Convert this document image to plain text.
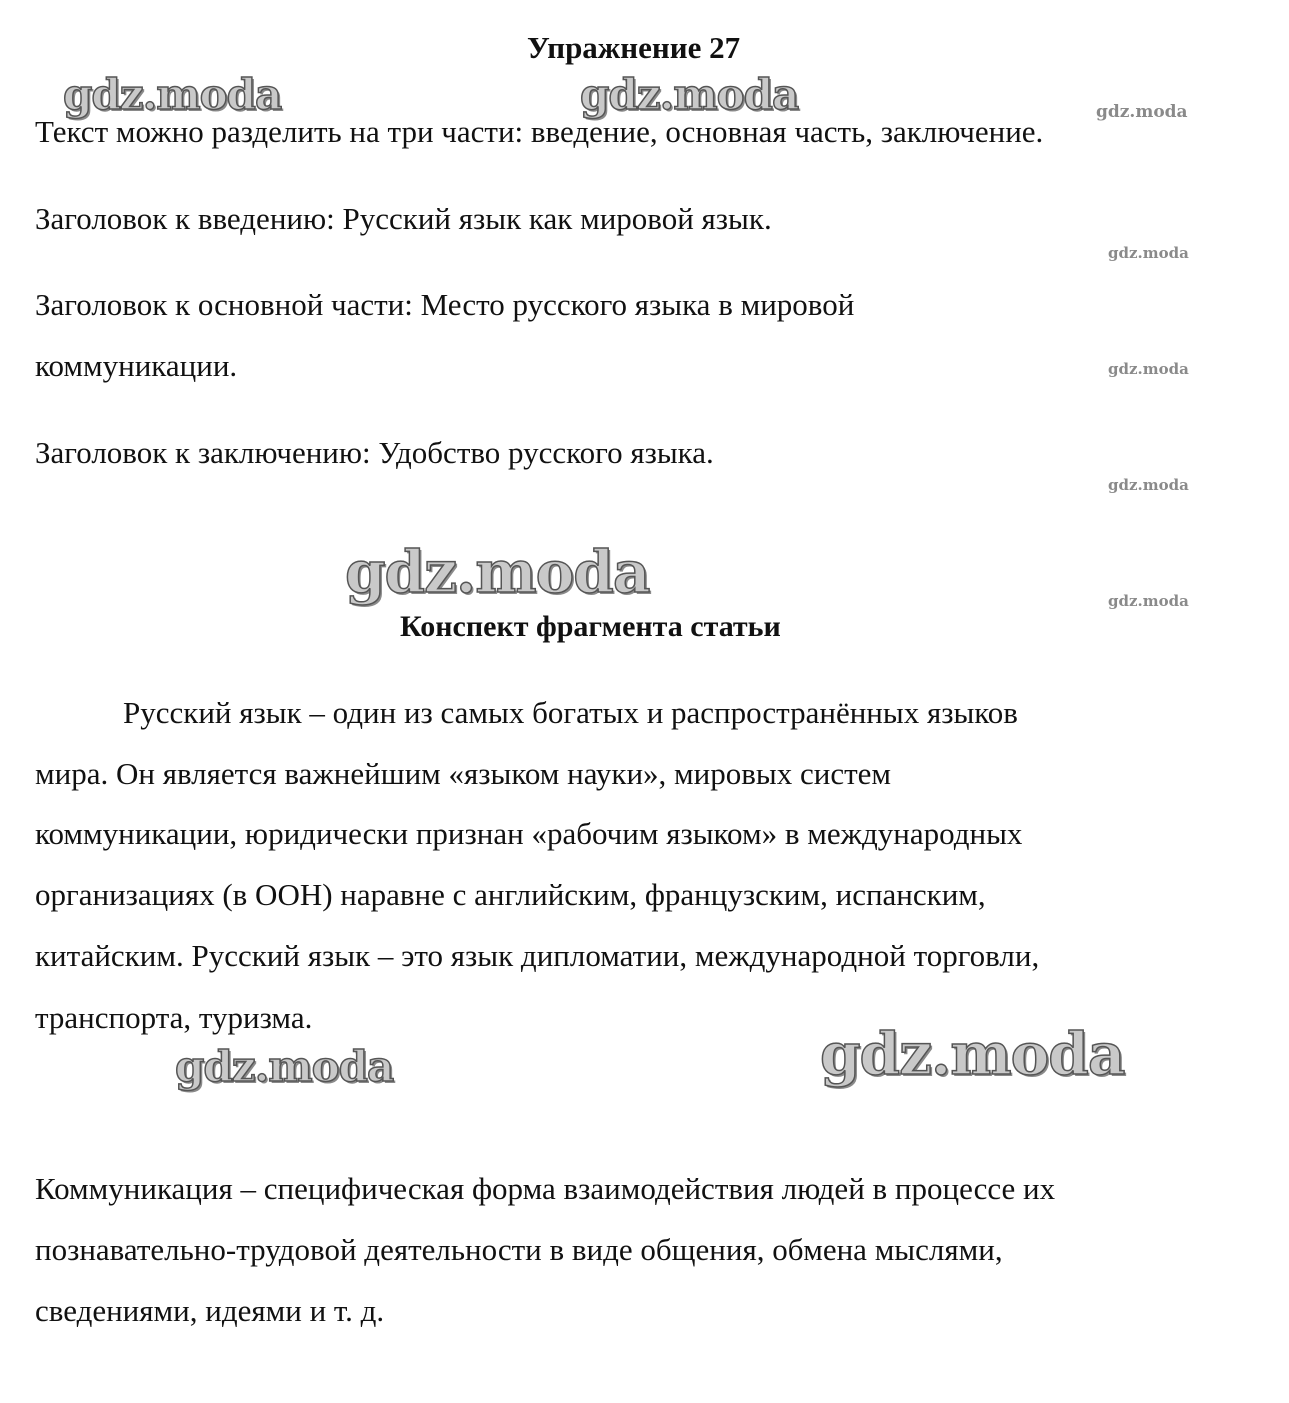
Упражнение 27

Текст можно разделить на три части: введение, основная часть, заключение.

Заголовок к введению: Русский язык как мировой язык.

Заголовок к основной части: Место русского языка в мировой

коммуникации.

Заголовок к заключению: Удобство русского языка.

Конспект фрагмента статьи

Русский язык – один из самых богатых и распространённых языков

мира. Он является важнейшим «языком науки», мировых систем

коммуникации, юридически признан «рабочим языком» в международных

организациях (в ООН) наравне с английским, французским, испанским,

китайским. Русский язык – это язык дипломатии, международной торговли,

транспорта, туризма.

Коммуникация – специфическая форма взаимодействия людей в процессе их

познавательно-трудовой деятельности в виде общения, обмена мыслями,

сведениями, идеями и т. д.

gdz.moda	gdz.moda
gdz.moda
gdz.moda	gdz.moda
gdz.moda
gdz.moda
gdz.moda
gdz.moda
gdz.moda
